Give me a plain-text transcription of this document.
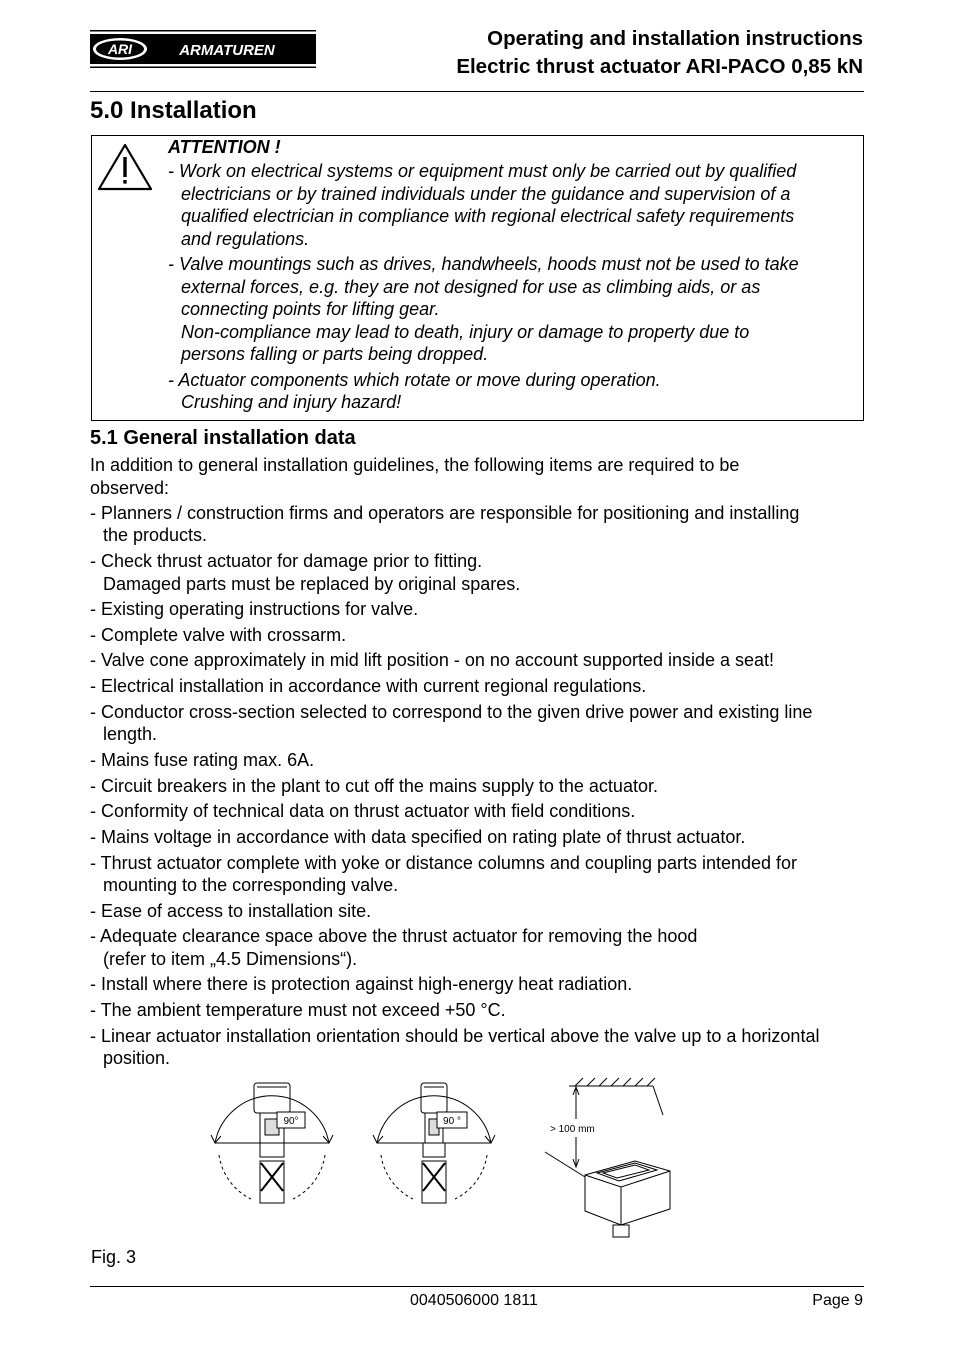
ARI	ARMATUREN
Operating and installation instructions
Electric thrust actuator ARI-PACO 0,85 kN
5.0 Installation
ATTENTION !
- Work on electrical systems or equipment must only be carried out by qualified
electricians or by trained individuals under the guidance and supervision of a
qualified electrician in compliance with regional electrical safety requirements
and regulations.
- Valve mountings such as drives, handwheels, hoods must not be used to take
external forces, e.g. they are not designed for use as climbing aids, or as
connecting points for lifting gear.
Non-compliance may lead to death, injury or damage to property due to
persons falling or parts being dropped.
- Actuator components which rotate or move during operation.
Crushing and injury hazard!
5.1 General installation data
In addition to general installation guidelines, the following items are required to be
observed:
- Planners / construction firms and operators are responsible for positioning and installing
the products.
- Check thrust actuator for damage prior to fitting.
Damaged parts must be replaced by original spares.
- Existing operating instructions for valve.
- Complete valve with crossarm.
- Valve cone approximately in mid lift position - on no account supported inside a seat!
- Electrical installation in accordance with current regional regulations.
- Conductor cross-section selected to correspond to the given drive power and existing line
length.
- Mains fuse rating max. 6A.
- Circuit breakers in the plant to cut off the mains supply to the actuator.
- Conformity of technical data on thrust actuator with field conditions.
- Mains voltage in accordance with data specified on rating plate of thrust actuator.
- Thrust actuator complete with yoke or distance columns and coupling parts intended for
mounting to the corresponding valve.
- Ease of access to installation site.
- Adequate clearance space above the thrust actuator for removing the hood
(refer to item „4.5 Dimensions“).
- Install where there is protection against high-energy heat radiation.
- The ambient temperature must not exceed +50 °C.
- Linear actuator installation orientation should be vertical above the valve up to a horizontal
position.
90°	90 °
> 100 mm
Fig. 3
0040506000 1811	Page 9
